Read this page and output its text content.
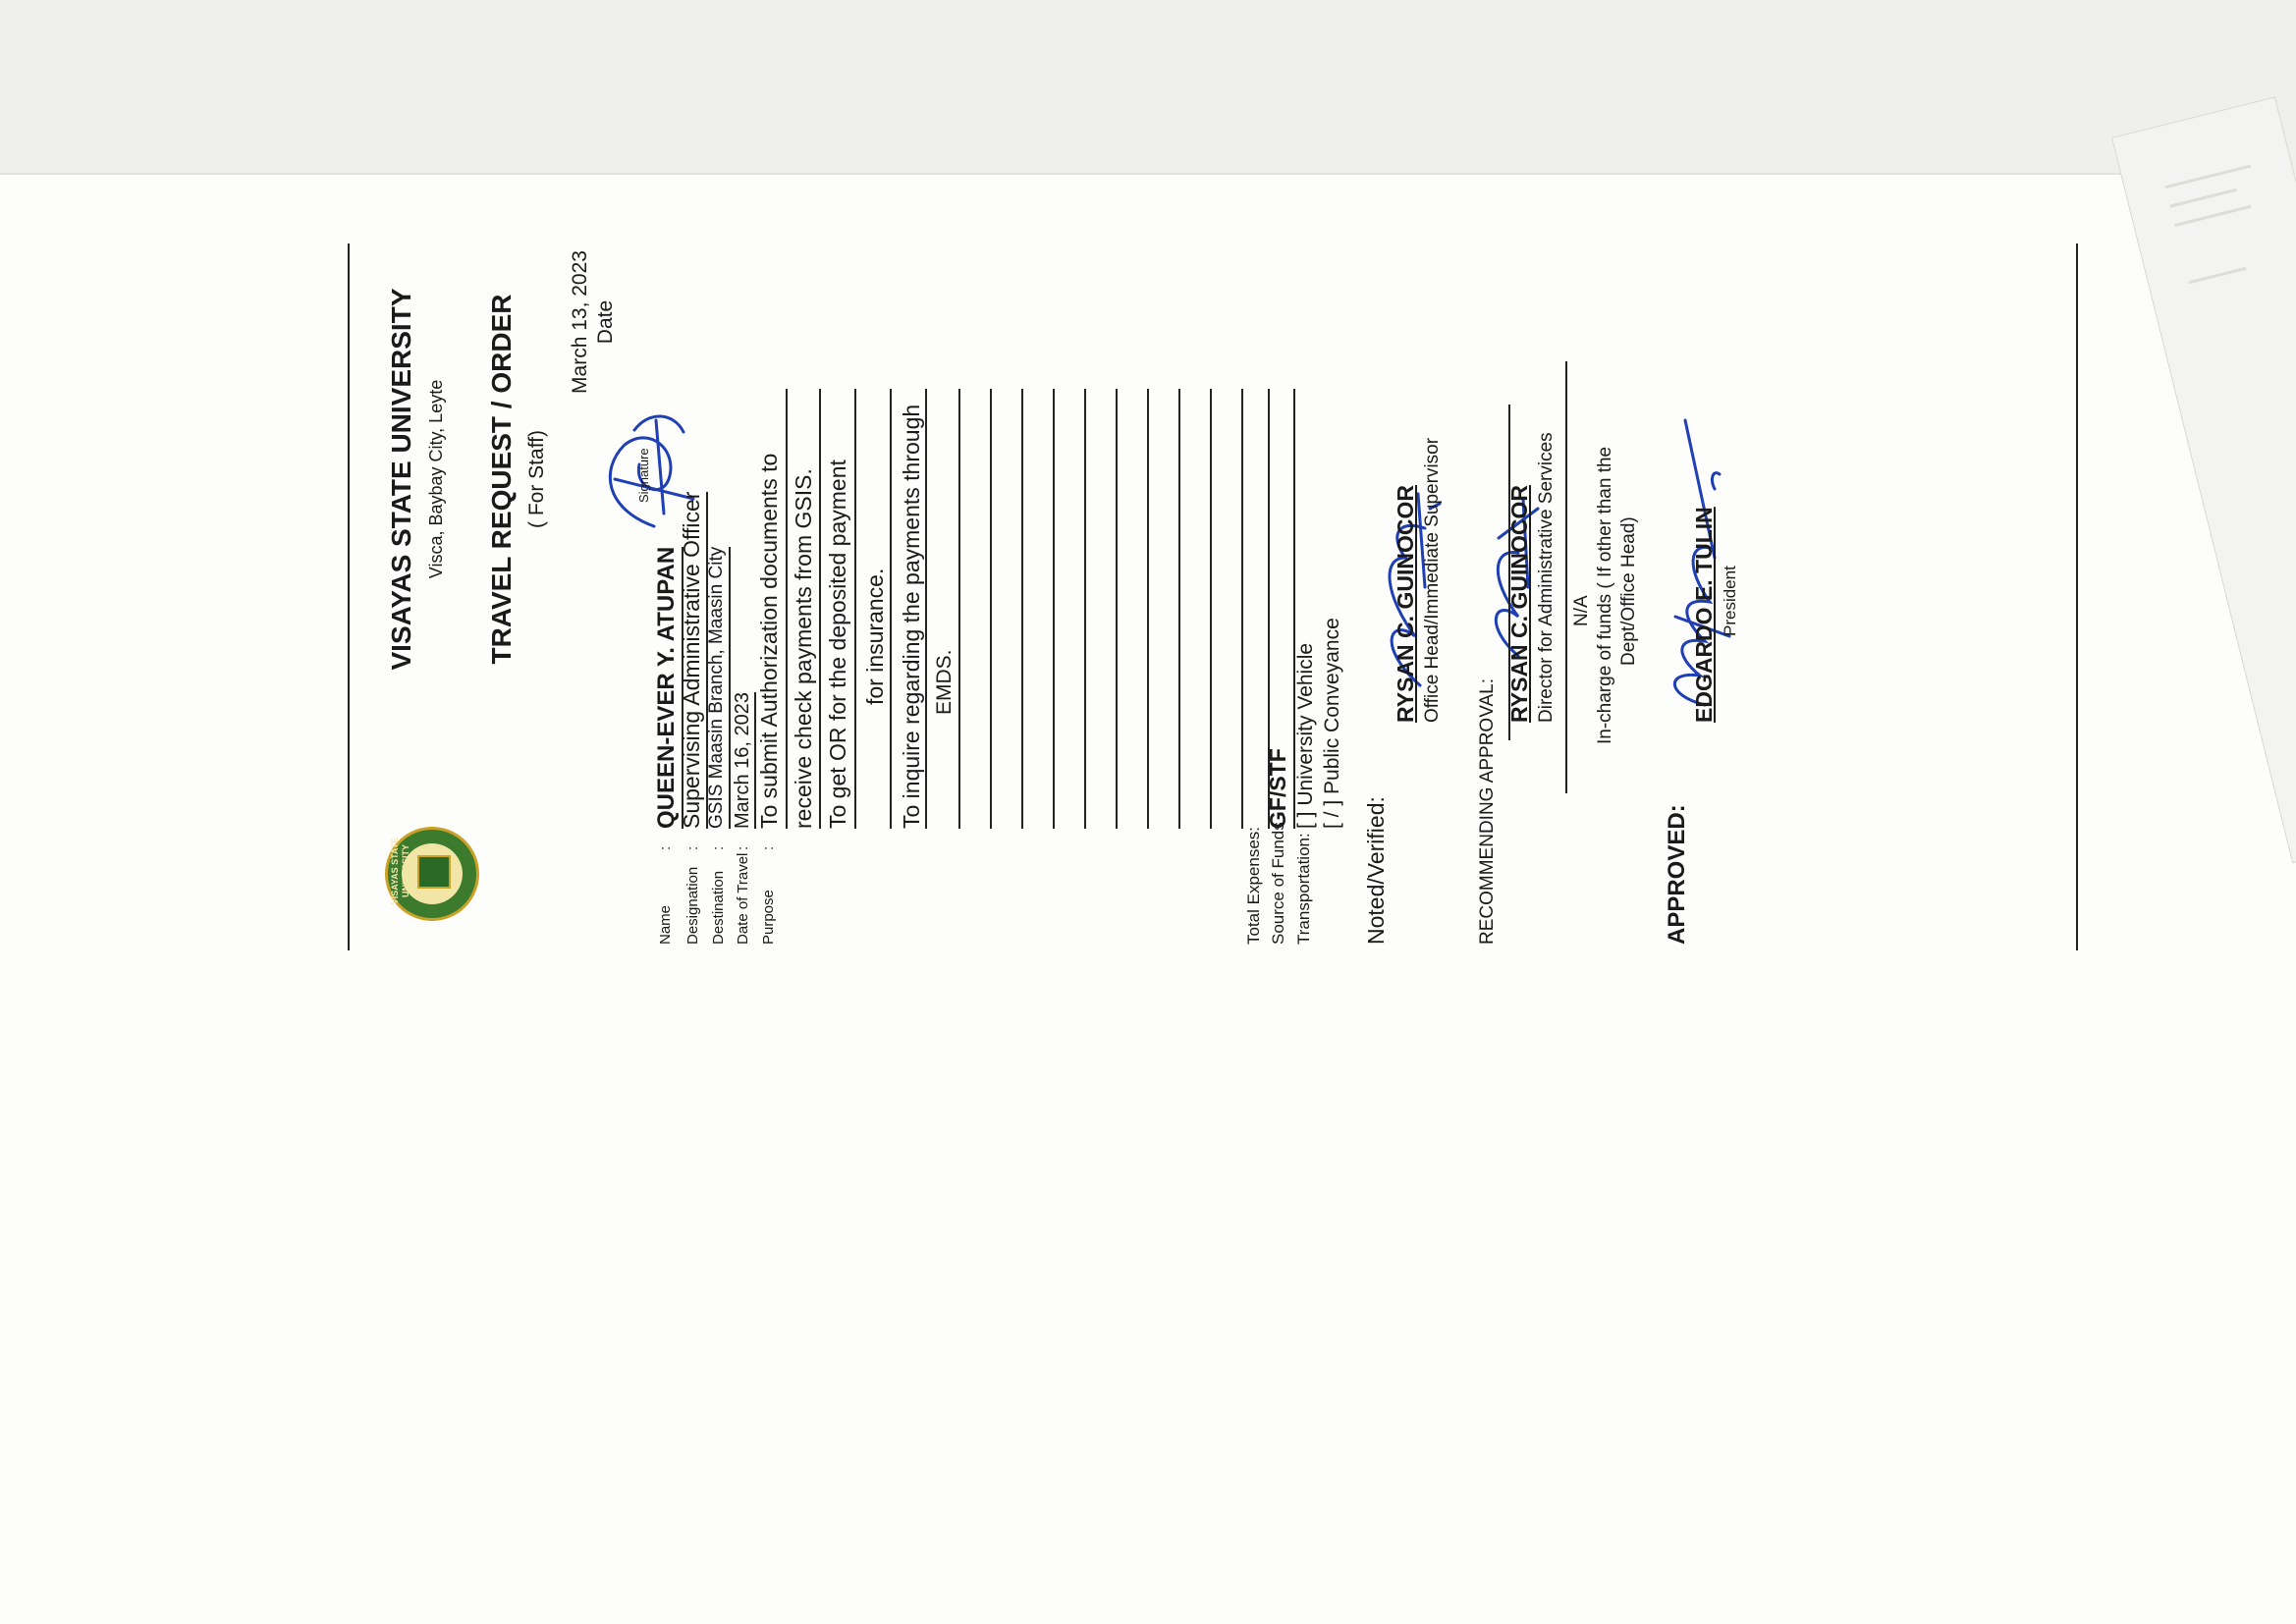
VISAYAS STATE
VISAYAS STATE UNIVERSITY Visca, Baybay City, Leyte TRAVEL REQUEST / ORDER ( For Staff)
March 13, 2023 Date
Signature
Name
:
QUEEN-EVER Y. ATUPAN
Designation
:
Supervising Administrative Officer
Destination
:
GSIS Maasin Branch, Maasin City
Date of Travel
:
March 16, 2023
Purpose
:
To submit Authorization documents to receive check payments from GSIS. To get OR for the deposited payment for insurance. To inquire regarding the payments through EMDS.
Total Expenses: Source of Funds
GF/STF
Transportation:
[ ] University Vehicle [ / ] Public Conveyance
Noted/Verified:
RYSAN C. GUINOCOR Office Head/Immediate Supervisor
RECOMMENDING APPROVAL:
RYSAN C. GUINOCOR Director for Administrative Services N/A In-charge of funds ( If other than the Dept/Office Head)
APPROVED:
EDGARDO E. TULIN President
